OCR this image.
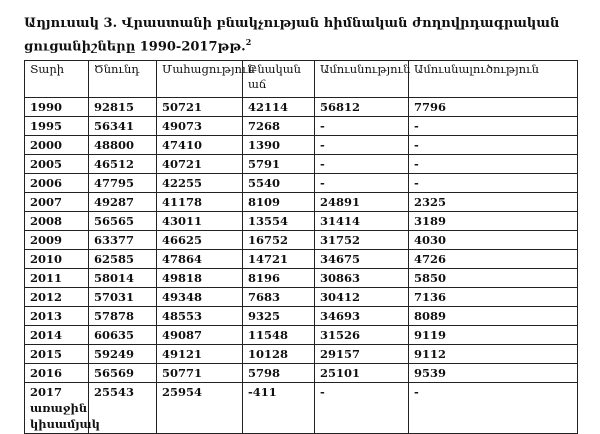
Աղյուսակ 3. Վրաստանի բնակչության հիմնական ժողովրդագրական ցուցանիշները 1990-2017թթ.$^2$
Տարի	Ծնունդ	Մահացություն	Բնական աճ	Ամուսնություն	Ամուսնալուծություն
1990	92815	50721	42114	56812	7796
1995	56341	49073	7268	-	-
2000	48800	47410	1390	-	-
2005	46512	40721	5791	-	-
2006	47795	42255	5540	-	-
2007	49287	41178	8109	24891	2325
2008	56565	43011	13554	31414	3189
2009	63377	46625	16752	31752	4030
2010	62585	47864	14721	34675	4726
2011	58014	49818	8196	30863	5850
2012	57031	49348	7683	30412	7136
2013	57878	48553	9325	34693	8089
2014	60635	49087	11548	31526	9119
2015	59249	49121	10128	29157	9112
2016	56569	50771	5798	25101	9539
2017 առաջին կիսամյակ	25543	25954	-411	-	-
